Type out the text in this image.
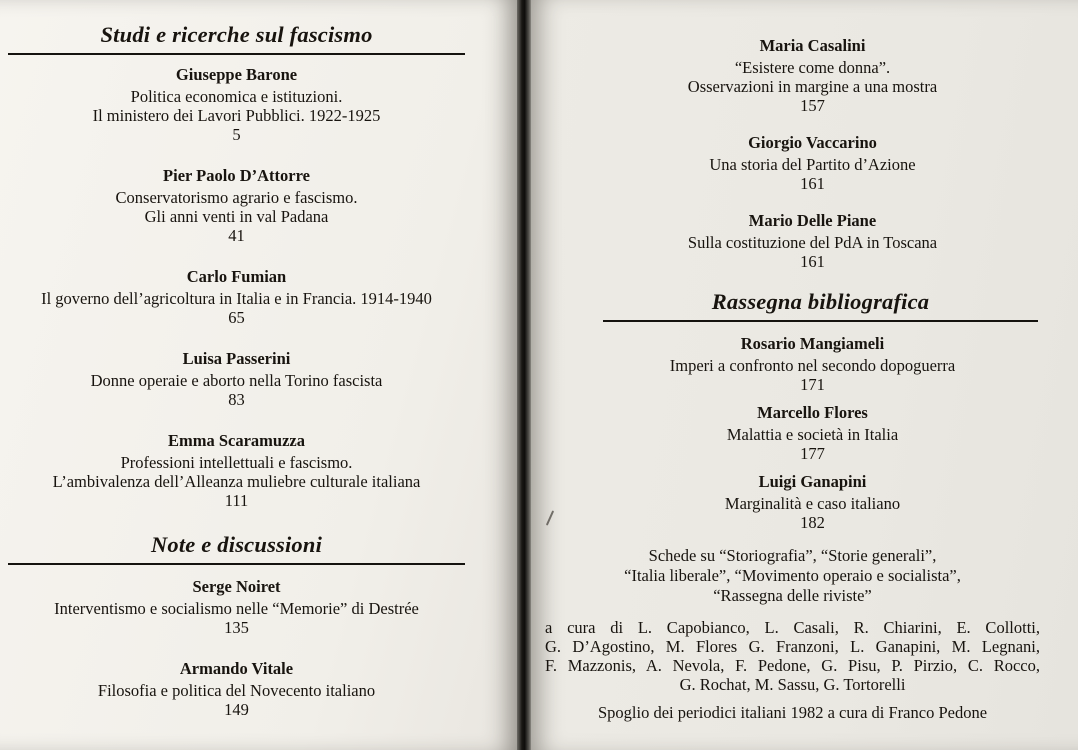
Studi e ricerche sul fascismo
Giuseppe Barone
Politica economica e istituzioni.
Il ministero dei Lavori Pubblici. 1922-1925
5
Pier Paolo D’Attorre
Conservatorismo agrario e fascismo.
Gli anni venti in val Padana
41
Carlo Fumian
Il governo dell’agricoltura in Italia e in Francia. 1914-1940
65
Luisa Passerini
Donne operaie e aborto nella Torino fascista
83
Emma Scaramuzza
Professioni intellettuali e fascismo.
L’ambivalenza dell’Alleanza muliebre culturale italiana
111
Note e discussioni
Serge Noiret
Interventismo e socialismo nelle “Memorie” di Destrée
135
Armando Vitale
Filosofia e politica del Novecento italiano
149
Maria Casalini
“Esistere come donna”.
Osservazioni in margine a una mostra
157
Giorgio Vaccarino
Una storia del Partito d’Azione
161
Mario Delle Piane
Sulla costituzione del PdA in Toscana
161
Rassegna bibliografica
Rosario Mangiameli
Imperi a confronto nel secondo dopoguerra
171
Marcello Flores
Malattia e società in Italia
177
Luigi Ganapini
Marginalità e caso italiano
182
Schede su “Storiografia”, “Storie generali”,
“Italia liberale”, “Movimento operaio e socialista”,
“Rassegna delle riviste”
a cura di L. Capobianco, L. Casali, R. Chiarini, E. Collotti,
G. D’Agostino, M. Flores G. Franzoni, L. Ganapini, M. Legnani,
F. Mazzonis, A. Nevola, F. Pedone, G. Pisu, P. Pirzio, C. Rocco,
G. Rochat, M. Sassu, G. Tortorelli
Spoglio dei periodici italiani 1982 a cura di Franco Pedone
